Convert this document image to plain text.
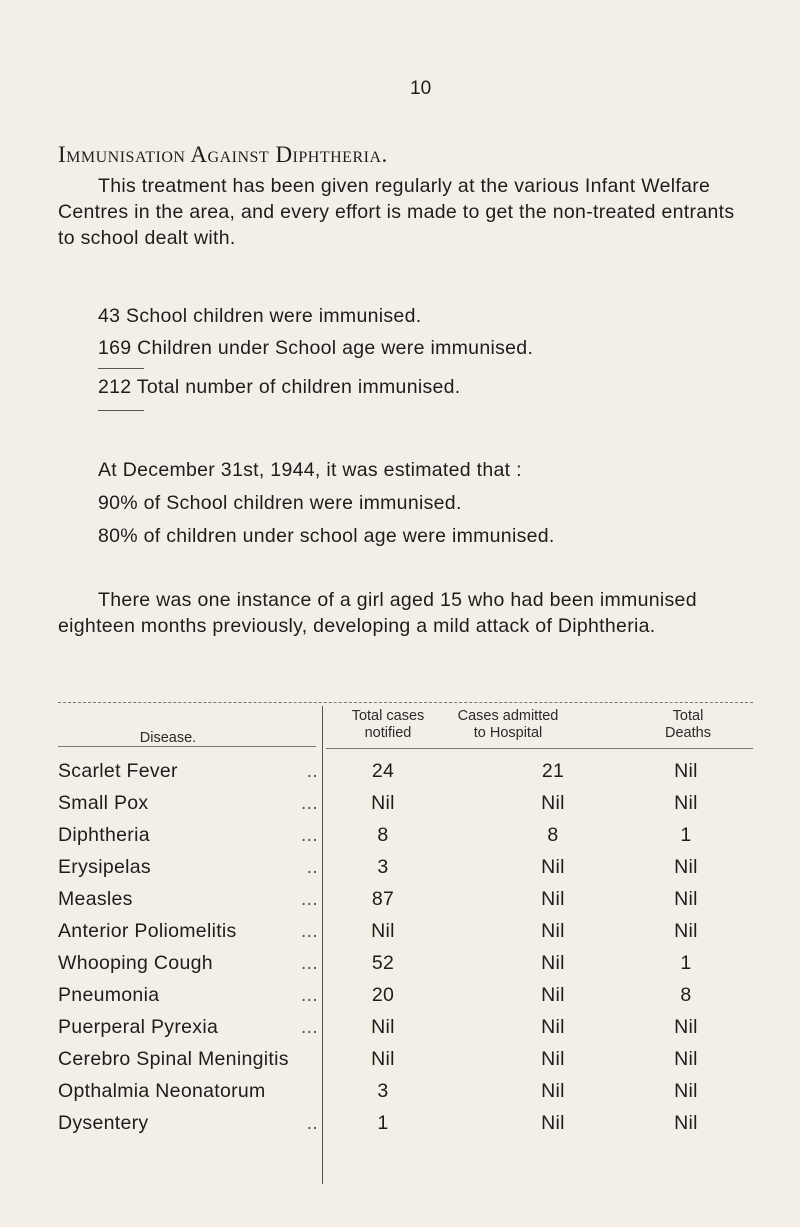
10
Immunisation Against Diphtheria.
This treatment has been given regularly at the various Infant Welfare Centres in the area, and every effort is made to get the non-treated entrants to school dealt with.
43 School children were immunised.
169 Children under School age were immunised.
212 Total number of children immunised.
At December 31st, 1944, it was estimated that :
90% of School children were immunised.
80% of children under school age were immunised.
There was one instance of a girl aged 15 who had been immunised eighteen months previously, developing a mild attack of Diphtheria.
Disease.
Total cases
notified
Cases admitted
to Hospital
Total
Deaths
Scarlet Fever	..	24	21	Nil
Small Pox	...	Nil	Nil	Nil
Diphtheria	...	8	8	1
Erysipelas	..	3	Nil	Nil
Measles	...	87	Nil	Nil
Anterior Poliomelitis	...	Nil	Nil	Nil
Whooping Cough	...	52	Nil	1
Pneumonia	...	20	Nil	8
Puerperal Pyrexia	...	Nil	Nil	Nil
Cerebro Spinal Meningitis	Nil	Nil	Nil
Opthalmia Neonatorum	3	Nil	Nil
Dysentery	..	1	Nil	Nil
